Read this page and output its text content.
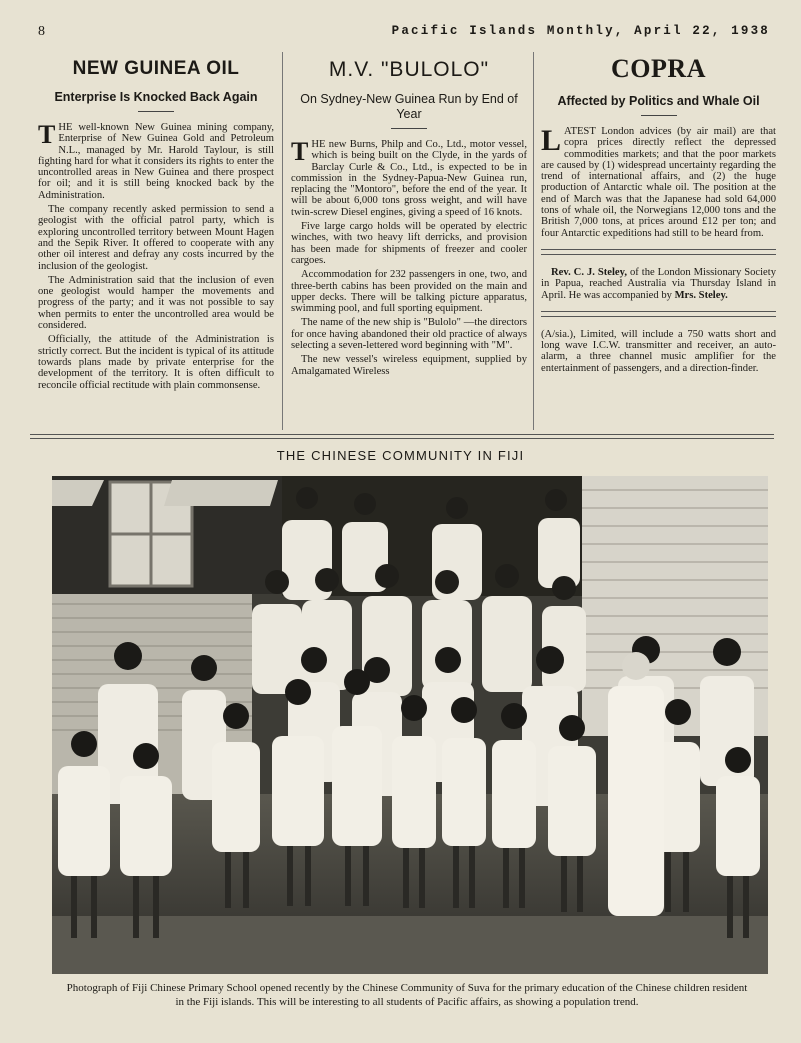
8	Pacific Islands Monthly, April 22, 1938
NEW GUINEA OIL
Enterprise Is Knocked Back Again

THE well-known New Guinea mining company, Enterprise of New Guinea Gold and Petroleum N.L., managed by Mr. Harold Taylour, is still fighting hard for what it considers its rights to enter the uncontrolled areas in New Guinea and there prospect for oil; and it is still being knocked back by the Administration.

The company recently asked permission to send a geologist with the official patrol party, which is exploring uncontrolled territory between Mount Hagen and the Sepik River. It offered to cooperate with any other oil interest and defray any costs incurred by the inclusion of the geologist.

The Administration said that the inclusion of even one geologist would hamper the movements and progress of the party; and it was not possible to say when permits to enter the uncontrolled area would be considered.

Officially, the attitude of the Administration is strictly correct. But the incident is typical of its attitude towards plans made by private enterprise for the development of the territory. It is often difficult to reconcile official rectitude with plain commonsense.

M.V. "BULOLO"
On Sydney-New Guinea Run by End of Year

THE new Burns, Philp and Co., Ltd., motor vessel, which is being built on the Clyde, in the yards of Barclay Curle & Co., Ltd., is expected to be in commission in the Sydney-Papua-New Guinea run, replacing the "Montoro", before the end of the year. It will be about 6,000 tons gross weight, and will have twin-screw Diesel engines, giving a speed of 16 knots.

Five large cargo holds will be operated by electric winches, with two heavy lift derricks, and provision has been made for shipments of freezer and cooler cargoes.

Accommodation for 232 passengers in one, two, and three-berth cabins has been provided on the main and upper decks. There will be talking picture apparatus, swimming pool, and full sporting equipment.

The name of the new ship is "Bulolo" —the directors for once having abandoned their old practice of always selecting a seven-lettered word beginning with "M".

The new vessel's wireless equipment, supplied by Amalgamated Wireless

COPRA
Affected by Politics and Whale Oil

LATEST London advices (by air mail) are that copra prices directly reflect the depressed commodities markets; and that the poor markets are caused by (1) widespread uncertainty regarding the trend of international affairs, and (2) the huge production of Antarctic whale oil. The position at the end of March was that the Japanese had sold 64,000 tons of whale oil, the Norwegians 12,000 tons and the British 7,000 tons, at prices around £12 per ton; and four Antarctic expeditions had still to be heard from.

Rev. C. J. Steley, of the London Missionary Society in Papua, reached Australia via Thursday Island in April. He was accompanied by Mrs. Steley.

(A/sia.), Limited, will include a 750 watts short and long wave I.C.W. transmitter and receiver, an auto-alarm, a three channel music amplifier for the entertainment of passengers, and a direction-finder.

THE CHINESE COMMUNITY IN FIJI
Photograph of Fiji Chinese Primary School opened recently by the Chinese Community of Suva for the primary education of the Chinese children resident in the Fiji islands. This will be interesting to all students of Pacific affairs, as showing a population trend.
